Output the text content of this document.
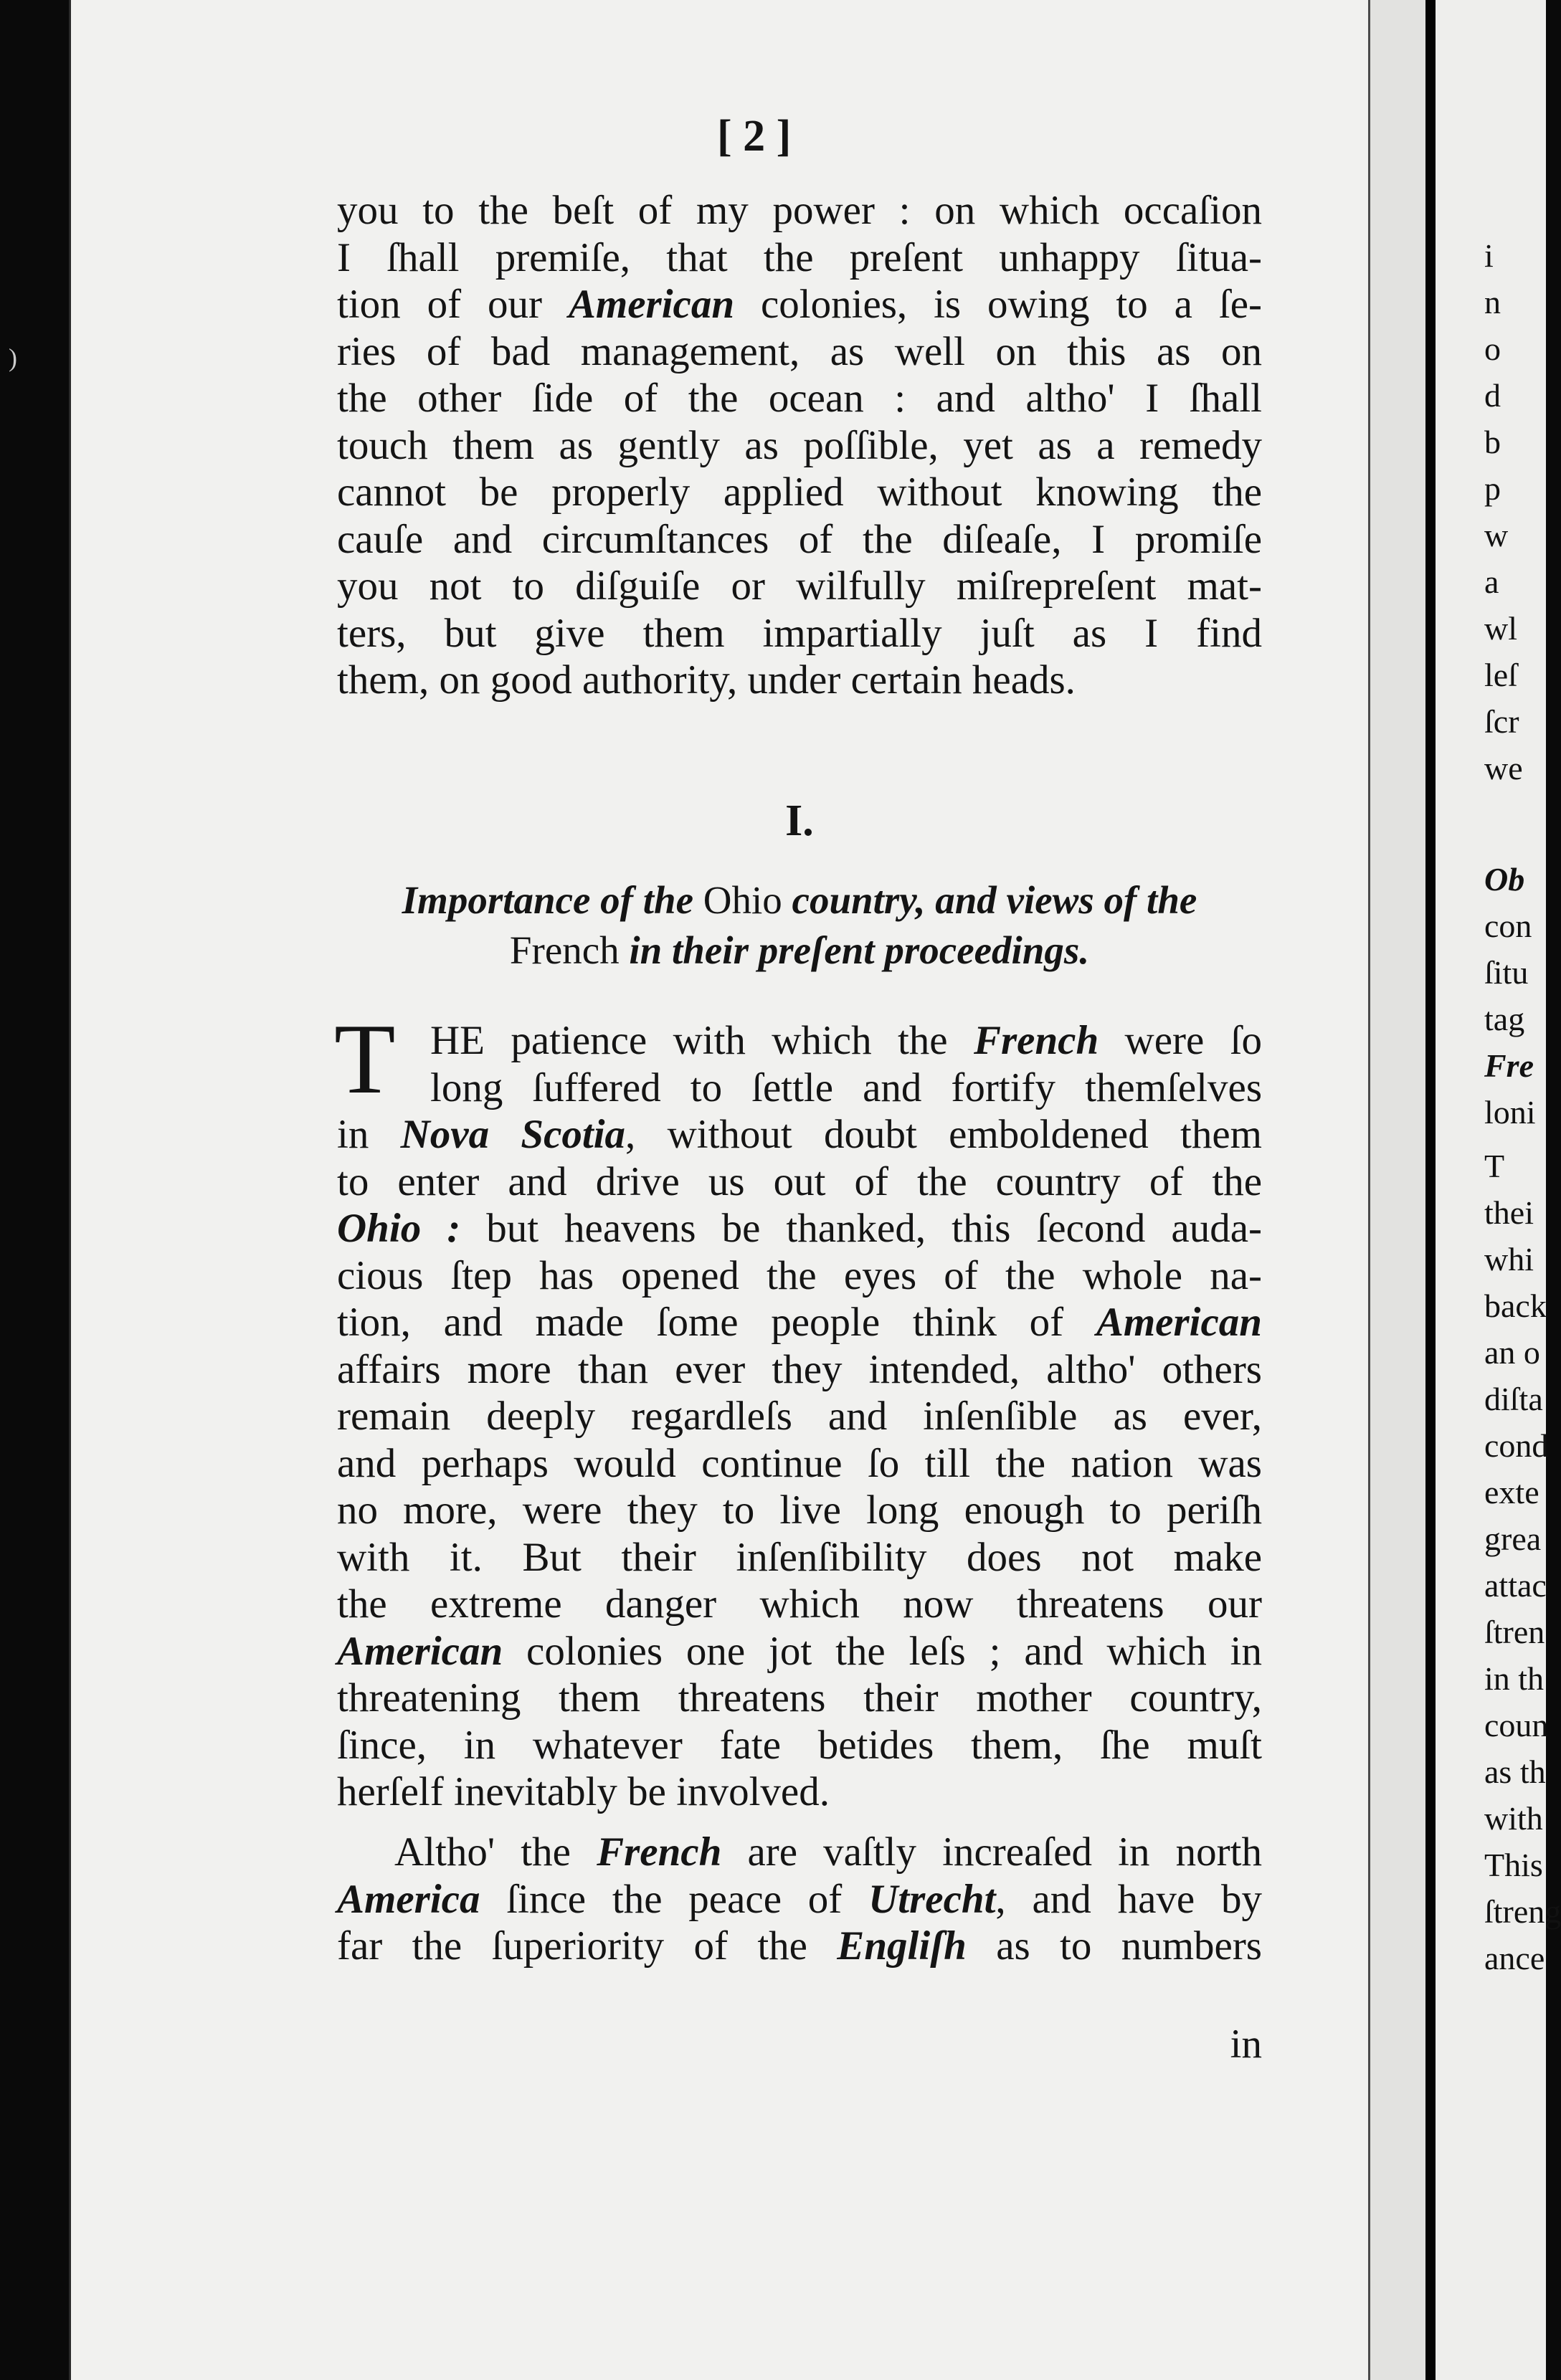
i
n
o
d
b
p
w
a
wl
leſ
ſcr
we
Ob
con
ſitu
tag
Fre
loni
T
thei
whi
back
an o
diſta
cond
exte
grea
attac
ſtren
in th
coun
as th
with
This
ſtreng
ance
)
[ 2 ]
you to the beſt of my power : on which occaſion
I ſhall premiſe, that the preſent unhappy ſitua-
tion of our American colonies, is owing to a ſe-
ries of bad management, as well on this as on
the other ſide of the ocean : and altho' I ſhall
touch them as gently as poſſible, yet as a remedy
cannot be properly applied without knowing the
cauſe and circumſtances of the diſeaſe, I promiſe
you not to diſguiſe or wilfully miſrepreſent mat-
ters, but give them impartially juſt as I find
them, on good authority, under certain heads.
I.
Importance of the Ohio country, and views of the
French in their preſent proceedings.
T HE patience with which the French were ſo
long ſuffered to ſettle and fortify themſelves
in Nova Scotia, without doubt emboldened them
to enter and drive us out of the country of the
Ohio : but heavens be thanked, this ſecond auda-
cious ſtep has opened the eyes of the whole na-
tion, and made ſome people think of American
affairs more than ever they intended, altho' others
remain deeply regardleſs and inſenſible as ever,
and perhaps would continue ſo till the nation was
no more, were they to live long enough to periſh
with it. But their inſenſibility does not make
the extreme danger which now threatens our
American colonies one jot the leſs ; and which in
threatening them threatens their mother country,
ſince, in whatever fate betides them, ſhe muſt
herſelf inevitably be involved.
Altho' the French are vaſtly increaſed in north
America ſince the peace of Utrecht, and have by
far the ſuperiority of the Engliſh as to numbers
in
